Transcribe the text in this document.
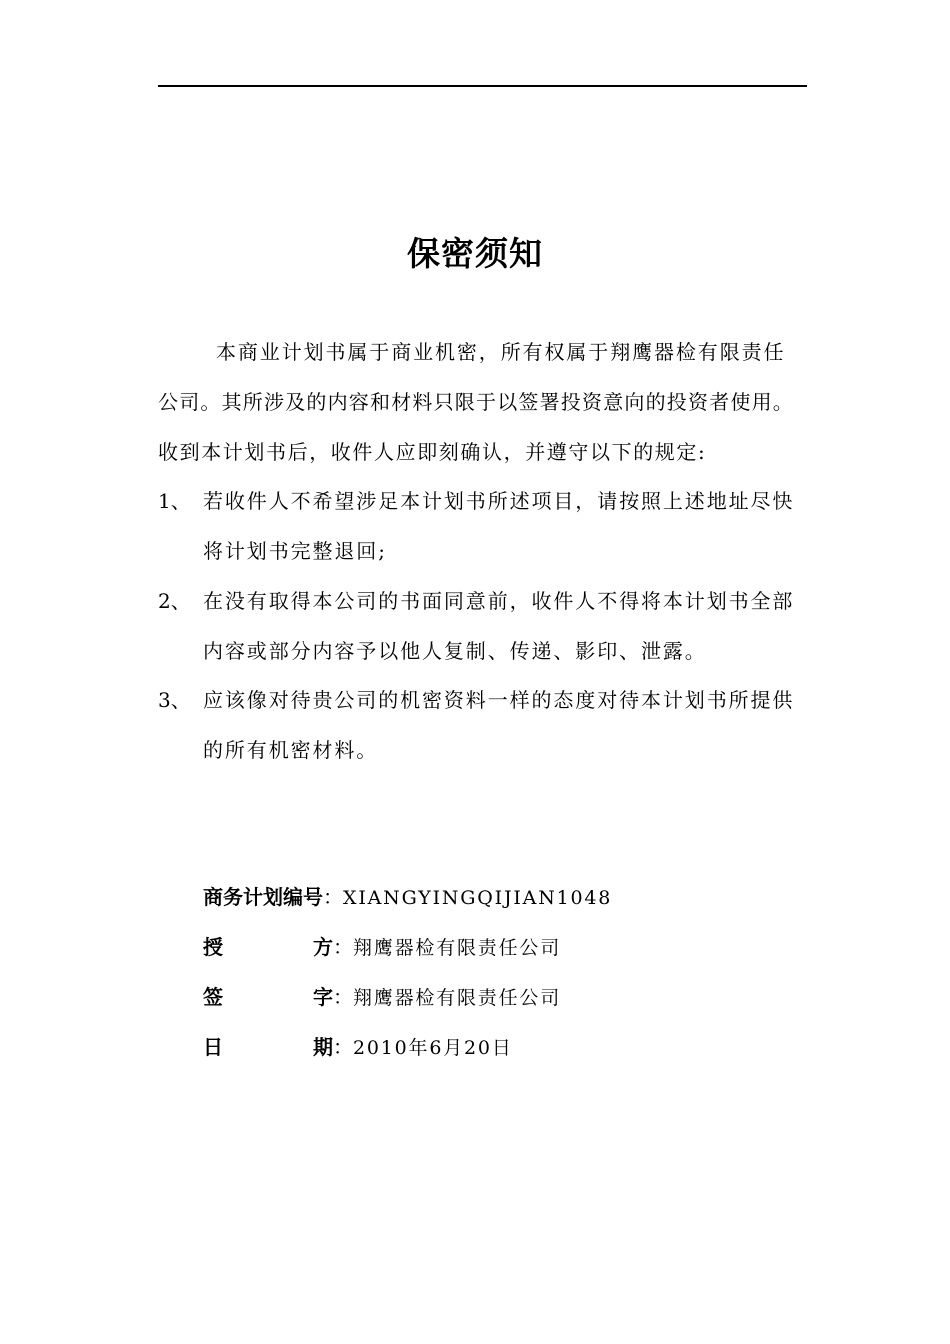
保密须知
本商业计划书属于商业机密，所有权属于翔鹰器检有限责任
公司。其所涉及的内容和材料只限于以签署投资意向的投资者使用。
收到本计划书后，收件人应即刻确认，并遵守以下的规定:
1、 若收件人不希望涉足本计划书所述项目，请按照上述地址尽快
将计划书完整退回;
2、 在没有取得本公司的书面同意前，收件人不得将本计划书全部
内容或部分内容予以他人复制、传递、影印、泄露。
3、 应该像对待贵公司的机密资料一样的态度对待本计划书所提供
的所有机密材料。
商务计划编号：XIANGYINGQIJIAN1048
授 方：翔鹰器检有限责任公司
签 字：翔鹰器检有限责任公司
日 期：2010年6月20日
